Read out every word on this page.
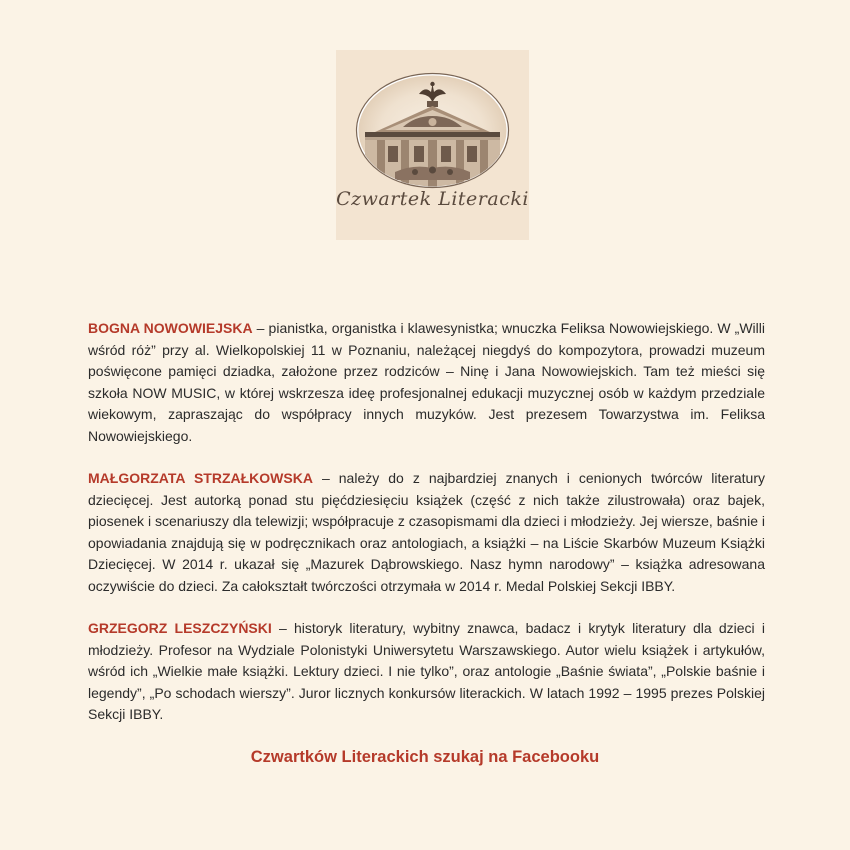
Czwartek Literacki

BOGNA NOWOWIEJSKA – pianistka, organistka i klawesynistka; wnuczka Feliksa Nowowiejskiego. W „Willi wśród róż” przy al. Wielkopolskiej 11 w Poznaniu, należącej niegdyś do kompozytora, prowadzi muzeum poświęcone pamięci dziadka, założone przez rodziców – Ninę i Jana Nowowiejskich. Tam też mieści się szkoła NOW MUSIC, w której wskrzesza ideę profesjonalnej edukacji muzycznej osób w każdym przedziale wiekowym, zapraszając do współpracy innych muzyków. Jest prezesem Towarzystwa im. Feliksa Nowowiejskiego.

MAŁGORZATA STRZAŁKOWSKA – należy do z najbardziej znanych i cenionych twórców literatury dziecięcej. Jest autorką ponad stu pięćdziesięciu książek (część z nich także zilustrowała) oraz bajek, piosenek i scenariuszy dla telewizji; współpracuje z czasopismami dla dzieci i młodzieży. Jej wiersze, baśnie i opowiadania znajdują się w podręcznikach oraz antologiach, a książki – na Liście Skarbów Muzeum Książki Dziecięcej. W 2014 r. ukazał się „Mazurek Dąbrowskiego. Nasz hymn narodowy” – książka adresowana oczywiście do dzieci. Za całokształt twórczości otrzymała w 2014 r. Medal Polskiej Sekcji IBBY.

GRZEGORZ LESZCZYŃSKI – historyk literatury, wybitny znawca, badacz i krytyk literatury dla dzieci i młodzieży. Profesor na Wydziale Polonistyki Uniwersytetu Warszawskiego. Autor wielu książek i artykułów, wśród ich „Wielkie małe książki. Lektury dzieci. I nie tylko”, oraz antologie „Baśnie świata”, „Polskie baśnie i legendy”, „Po schodach wierszy”. Juror licznych konkursów literackich. W latach 1992 – 1995 prezes Polskiej Sekcji IBBY.

Czwartków Literackich szukaj na Facebooku
